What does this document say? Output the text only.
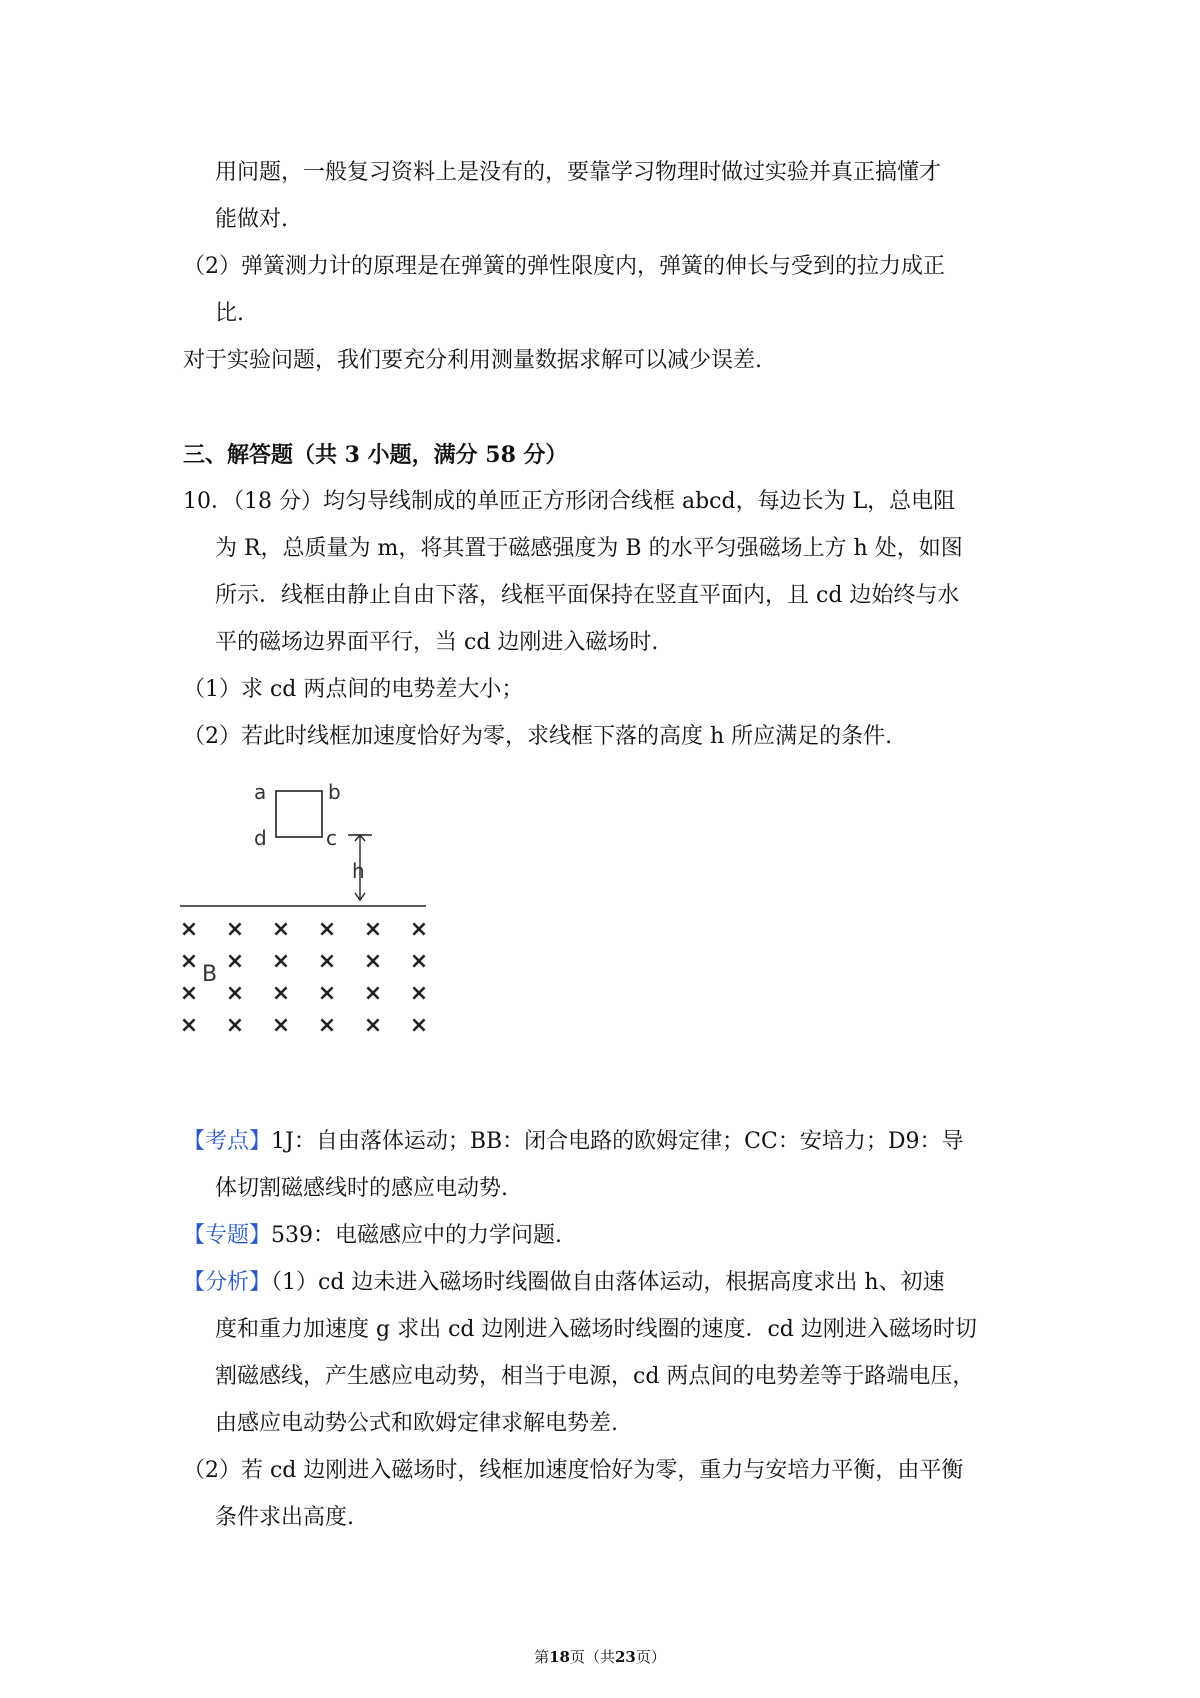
用问题，一般复习资料上是没有的，要靠学习物理时做过实验并真正搞懂才
能做对.
（2）弹簧测力计的原理是在弹簧的弹性限度内，弹簧的伸长与受到的拉力成正
比.
对于实验问题，我们要充分利用测量数据求解可以减少误差.
三、解答题（共 3 小题，满分 58 分）
10．（18 分）均匀导线制成的单匝正方形闭合线框 abcd，每边长为 L，总电阻
为 R，总质量为 m，将其置于磁感强度为 B 的水平匀强磁场上方 h 处，如图
所示．线框由静止自由下落，线框平面保持在竖直平面内，且 cd 边始终与水
平的磁场边界面平行，当 cd 边刚进入磁场时.
（1）求 cd 两点间的电势差大小；
（2）若此时线框加速度恰好为零，求线框下落的高度 h 所应满足的条件.
a	b
c
d
h
× × × × × ×
× × × × × ×
× × × × × ×
× × × × × ×
B
【考点】1J：自由落体运动；BB：闭合电路的欧姆定律；CC：安培力；D9：导
体切割磁感线时的感应电动势.
【专题】539：电磁感应中的力学问题.
【分析】（1）cd 边未进入磁场时线圈做自由落体运动，根据高度求出 h、初速
度和重力加速度 g 求出 cd 边刚进入磁场时线圈的速度．cd 边刚进入磁场时切
割磁感线，产生感应电动势，相当于电源，cd 两点间的电势差等于路端电压，
由感应电动势公式和欧姆定律求解电势差.
（2）若 cd 边刚进入磁场时，线框加速度恰好为零，重力与安培力平衡，由平衡
条件求出高度.
第18页（共23页）
